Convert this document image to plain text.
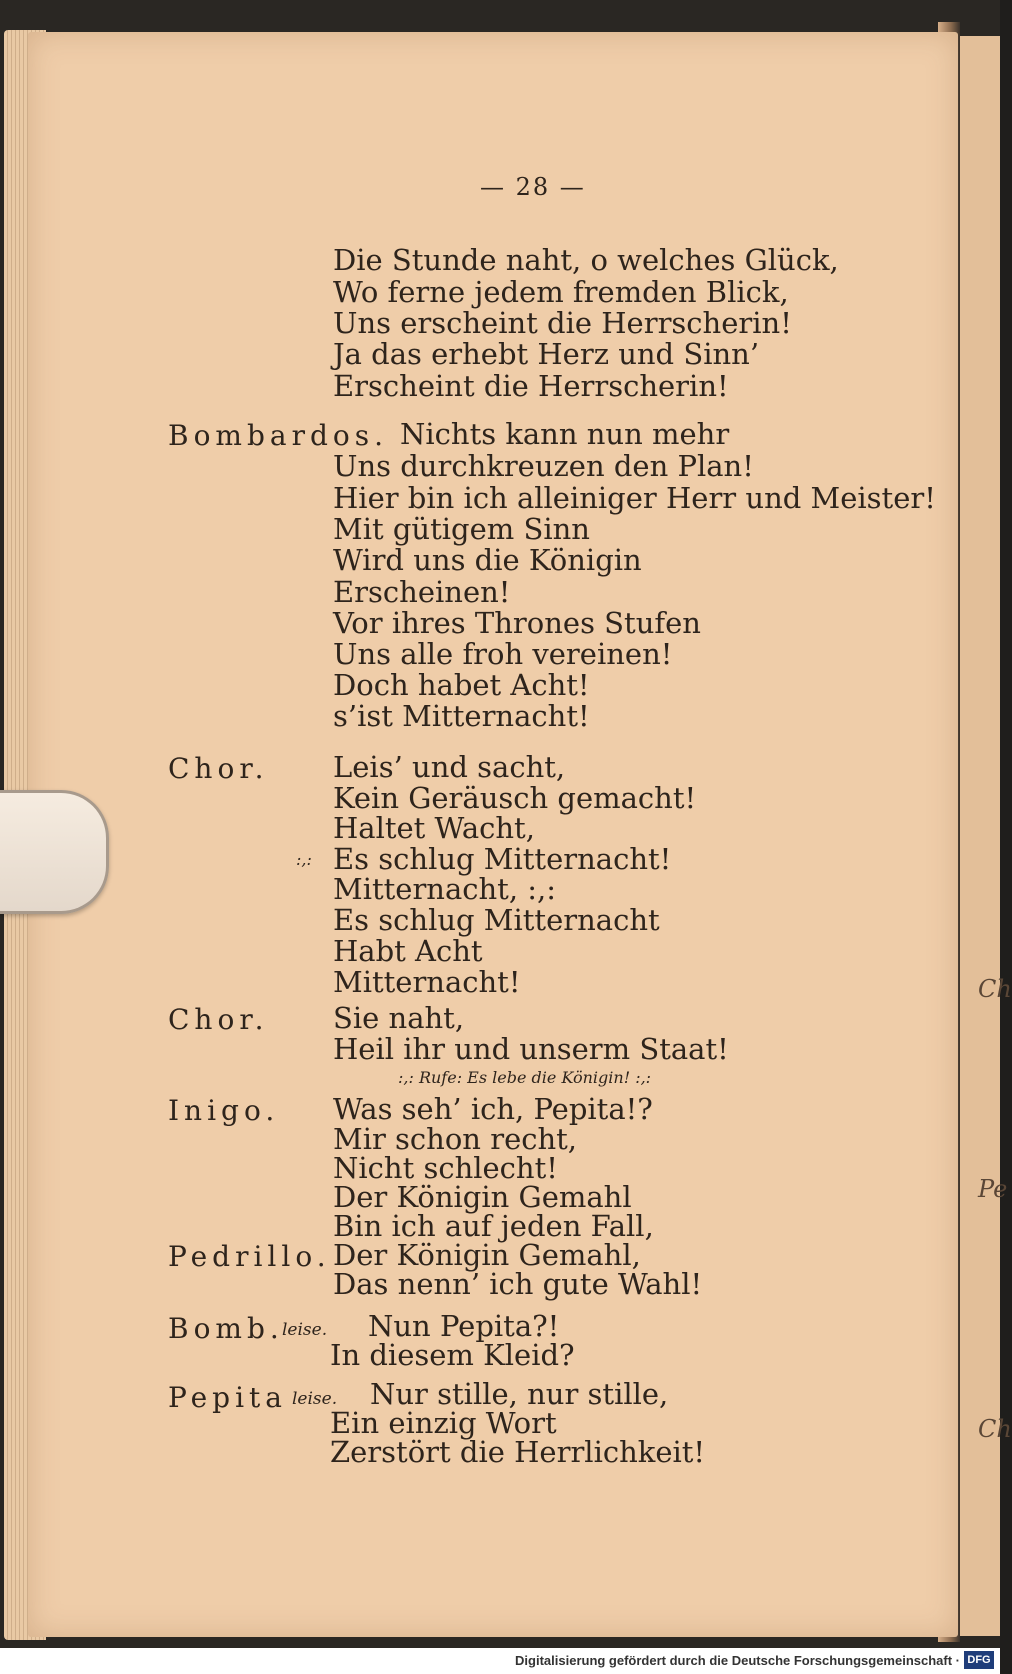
Ch
Pe
Ch
— 28 —
Die Stunde naht, o welches Glück,
Wo ferne jedem fremden Blick,
Uns erscheint die Herrscherin!
Ja das erhebt Herz und Sinn’
Erscheint die Herrscherin!
Bombardos. Nichts kann nun mehr
Uns durchkreuzen den Plan!
Hier bin ich alleiniger Herr und Meister!
Mit gütigem Sinn
Wird uns die Königin
Erscheinen!
Vor ihres Thrones Stufen
Uns alle froh vereinen!
Doch habet Acht!
s’ist Mitternacht!
Chor. Leis’ und sacht,
Kein Geräusch gemacht!
Haltet Wacht,
:,: Es schlug Mitternacht!
Mitternacht, :,:
Es schlug Mitternacht
Habt Acht
Mitternacht!
Chor. Sie naht,
Heil ihr und unserm Staat!
:,: Rufe: Es lebe die Königin! :,:
Inigo. Was seh’ ich, Pepita!?
Mir schon recht,
Nicht schlecht!
Der Königin Gemahl
Bin ich auf jeden Fall,
Pedrillo. Der Königin Gemahl,
Das nenn’ ich gute Wahl!
Bomb.
leise. Nun Pepita?!
In diesem Kleid?
Pepita leise. Nur stille, nur stille,
Ein einzig Wort
Zerstört die Herrlichkeit!
Digitalisierung gefördert durch die Deutsche Forschungsgemeinschaft · DFG
